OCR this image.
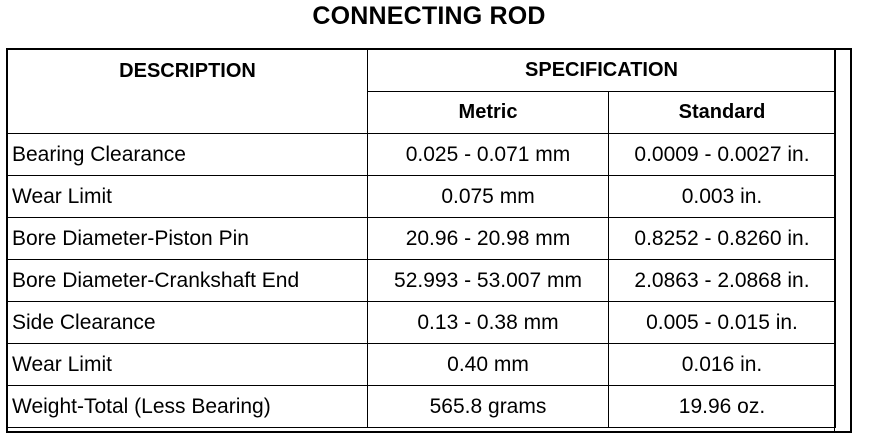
CONNECTING ROD
DESCRIPTION	SPECIFICATION	
	Metric	Standard
Bearing Clearance	0.025 - 0.071 mm	0.0009 - 0.0027 in.
Wear Limit	0.075 mm	0.003 in.
Bore Diameter-Piston Pin	20.96 - 20.98 mm	0.8252 - 0.8260 in.
Bore Diameter-Crankshaft End	52.993 - 53.007 mm	2.0863 - 2.0868 in.
Side Clearance	0.13 - 0.38 mm	0.005 - 0.015 in.
Wear Limit	0.40 mm	0.016 in.
Weight-Total (Less Bearing)	565.8 grams	19.96 oz.
